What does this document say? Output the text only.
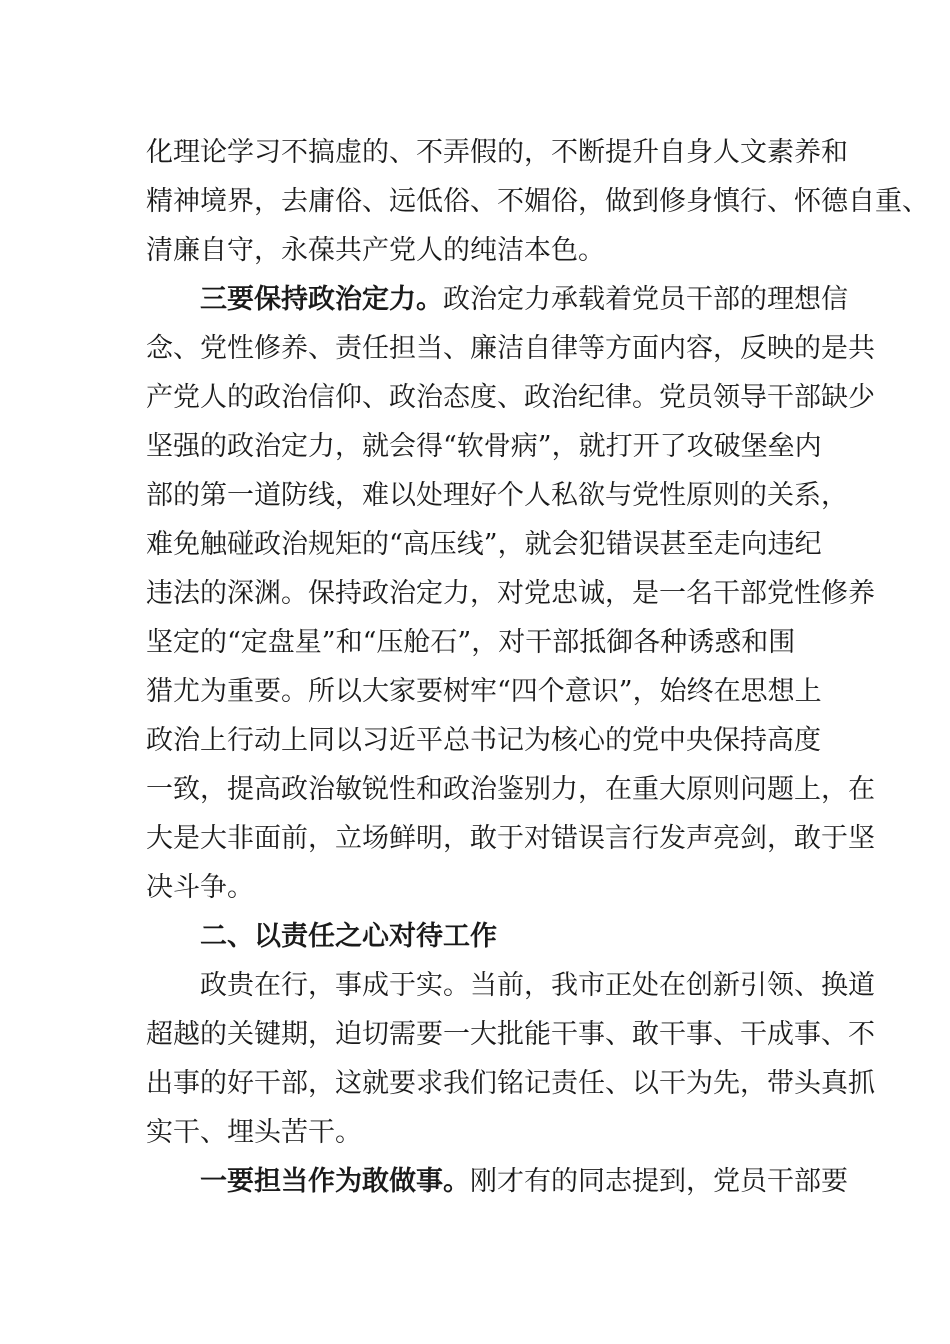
化理论学习不搞虚的、不弄假的，不断提升自身人文素养和
精神境界，去庸俗、远低俗、不媚俗，做到修身慎行、怀德自重、
清廉自守，永葆共产党人的纯洁本色。
三要保持政治定力。政治定力承载着党员干部的理想信
念、党性修养、责任担当、廉洁自律等方面内容，反映的是共
产党人的政治信仰、政治态度、政治纪律。党员领导干部缺少
坚强的政治定力，就会得“软骨病”，就打开了攻破堡垒内
部的第一道防线，难以处理好个人私欲与党性原则的关系，
难免触碰政治规矩的“高压线”，就会犯错误甚至走向违纪
违法的深渊。保持政治定力，对党忠诚，是一名干部党性修养
坚定的“定盘星”和“压舱石”，对干部抵御各种诱惑和围
猎尤为重要。所以大家要树牢“四个意识”，始终在思想上
政治上行动上同以习近平总书记为核心的党中央保持高度
一致，提高政治敏锐性和政治鉴别力，在重大原则问题上，在
大是大非面前，立场鲜明，敢于对错误言行发声亮剑，敢于坚
决斗争。
二、以责任之心对待工作
政贵在行，事成于实。当前，我市正处在创新引领、换道
超越的关键期，迫切需要一大批能干事、敢干事、干成事、不
出事的好干部，这就要求我们铭记责任、以干为先，带头真抓
实干、埋头苦干。
一要担当作为敢做事。刚才有的同志提到，党员干部要
